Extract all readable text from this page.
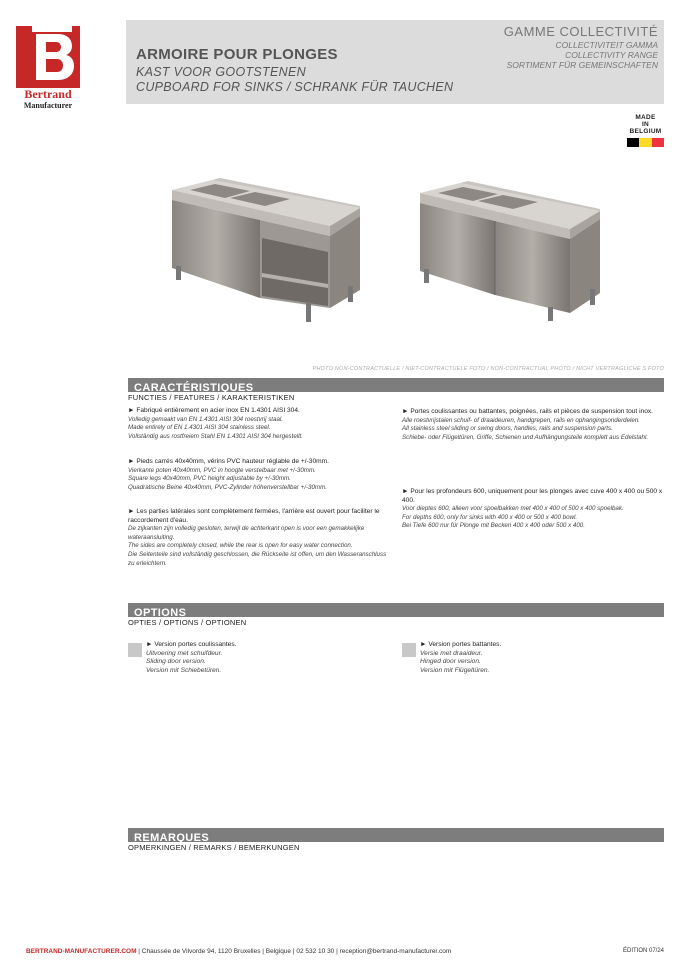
Bertrand
Manufacturer
ARMOIRE POUR PLONGES
KAST VOOR GOOTSTENEN
CUPBOARD FOR SINKS / SCHRANK FÜR TAUCHEN
GAMME COLLECTIVITÉ
COLLECTIVITEIT GAMMA
COLLECTIVITY RANGE
SORTIMENT FÜR GEMEINSCHAFTEN
MADE
IN
BELGIUM
PHOTO NON-CONTRACTUELLE / NIET-CONTRACTUELE FOTO / NON-CONTRACTUAL PHOTO / NICHT VERTRAGLICHE S FOTO
CARACTÉRISTIQUES
FUNCTIES / FEATURES / KARAKTERISTIKEN
► Fabriqué entièrement en acier inox EN 1.4301 AISI 304.
Volledig gemaakt van EN 1.4301 AISI 304 roestvrij staal.
Made entirely of EN 1.4301 AISI 304 stainless steel.
Vollständig aus rostfreiem Stahl EN 1.4301 AISI 304 hergestellt.
► Pieds carrés 40x40mm, vérins PVC hauteur réglable de +/-30mm.
Vierkante poten 40x40mm, PVC in hoogte verstelbaar met +/-30mm.
Square legs 40x40mm, PVC height adjustable by +/-30mm.
Quadratische Beine 40x40mm, PVC-Zylinder höhenverstellbar +/-30mm.
► Les parties latérales sont complètement fermées, l'arrière est ouvert pour faciliter le raccordement d'eau.
De zijkanten zijn volledig gesloten, terwijl de achterkant open is voor een gemakkelijke wateraansluiting.
The sides are completely closed, while the rear is open for easy water connection.
Die Seitenteile sind vollständig geschlossen, die Rückseite ist offen, um den Wasseranschluss zu erleichtern.
► Portes coulissantes ou battantes, poignées, rails et pièces de suspension tout inox.
Alle roestvrijstalen schuif- of draaideuren, handgrepen, rails en ophangingsonderdelen.
All stainless steel sliding or swing doors, handles, rails and suspension parts.
Schiebe- oder Flügeltüren, Griffe, Schienen und Aufhängungsteile komplett aus Edelstahl.
► Pour les profondeurs 600, uniquement pour les plonges avec cuve 400 x 400 ou 500 x 400.
Voor dieptes 600, alleen voor spoelbakken met 400 x 400 of 500 x 400 spoelbak.
For depths 600, only for sinks with 400 x 400 or 500 x 400 bowl.
Bei Tiefe 600 nur für Plonge mit Becken 400 x 400 oder 500 x 400.
OPTIONS
OPTIES / OPTIONS / OPTIONEN
► Version portes coulissantes.
Uitvoering met schuifdeur.
Sliding door version.
Version mit Schiebetüren.
► Version portes battantes.
Versie met draaideur.
Hinged door version.
Version mit Flügeltüren.
REMARQUES
OPMERKINGEN / REMARKS / BEMERKUNGEN
BERTRAND-MANUFACTURER.COM | Chaussée de Vilvorde 94, 1120 Bruxelles | Belgique | 02 532 10 30 | reception@bertrand-manufacturer.com	ÉDITION 07/24
